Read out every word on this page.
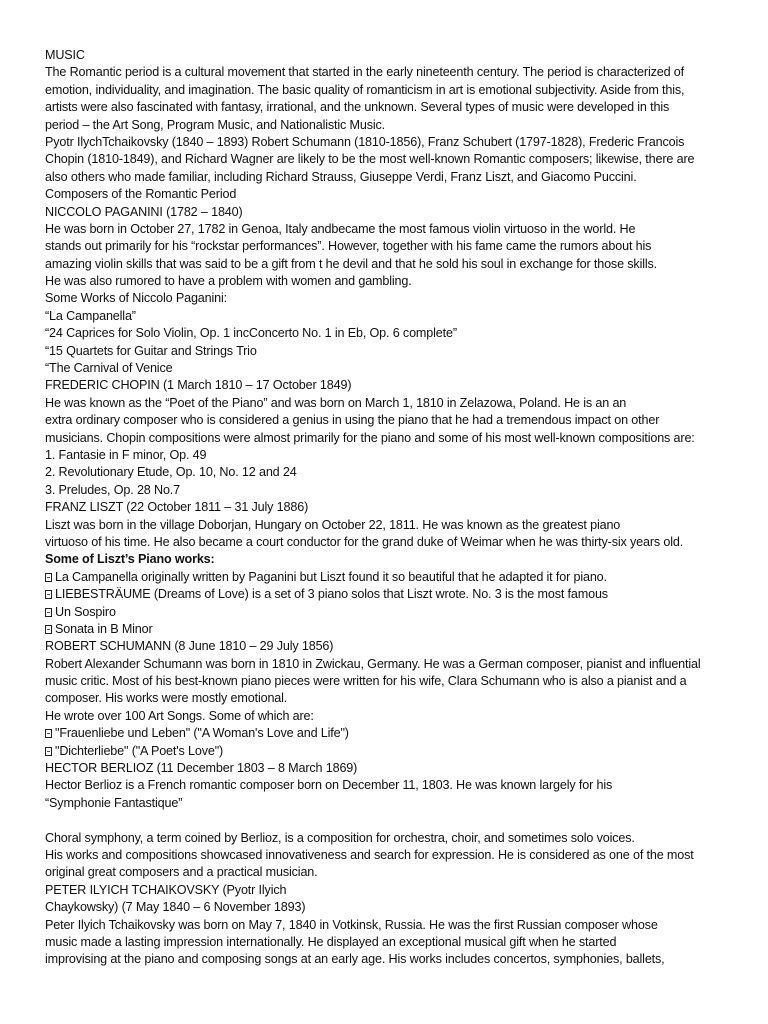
MUSIC
The Romantic period is a cultural movement that started in the early nineteenth century. The period is characterized of
emotion, individuality, and imagination. The basic quality of romanticism in art is emotional subjectivity. Aside from this,
artists were also fascinated with fantasy, irrational, and the unknown. Several types of music were developed in this
period – the Art Song, Program Music, and Nationalistic Music.
Pyotr IlychTchaikovsky (1840 – 1893) Robert Schumann (1810-1856), Franz Schubert (1797-1828), Frederic Francois
Chopin (1810-1849), and Richard Wagner are likely to be the most well-known Romantic composers; likewise, there are
also others who made familiar, including Richard Strauss, Giuseppe Verdi, Franz Liszt, and Giacomo Puccini.
Composers of the Romantic Period
NICCOLO PAGANINI (1782 – 1840)
He was born in October 27, 1782 in Genoa, Italy andbecame the most famous violin virtuoso in the world. He
stands out primarily for his “rockstar performances”. However, together with his fame came the rumors about his
amazing violin skills that was said to be a gift from t he devil and that he sold his soul in exchange for those skills.
He was also rumored to have a problem with women and gambling.
Some Works of Niccolo Paganini:
“La Campanella”
“24 Caprices for Solo Violin, Op. 1 incConcerto No. 1 in Eb, Op. 6 complete”
“15 Quartets for Guitar and Strings Trio
“The Carnival of Venice
FREDERIC CHOPIN (1 March 1810 – 17 October 1849)
He was known as the “Poet of the Piano” and was born on March 1, 1810 in Zelazowa, Poland. He is an an
extra ordinary composer who is considered a genius in using the piano that he had a tremendous impact on other
musicians. Chopin compositions were almost primarily for the piano and some of his most well-known compositions are:
1. Fantasie in F minor, Op. 49
2. Revolutionary Etude, Op. 10, No. 12 and 24
3. Preludes, Op. 28 No.7
FRANZ LISZT (22 October 1811 – 31 July 1886)
Liszt was born in the village Doborjan, Hungary on October 22, 1811. He was known as the greatest piano
virtuoso of his time. He also became a court conductor for the grand duke of Weimar when he was thirty-six years old.
Some of Liszt’s Piano works:
La Campanella originally written by Paganini but Liszt found it so beautiful that he adapted it for piano.
LIEBESTRÄUME (Dreams of Love) is a set of 3 piano solos that Liszt wrote. No. 3 is the most famous
Un Sospiro
Sonata in B Minor
ROBERT SCHUMANN (8 June 1810 – 29 July 1856)
Robert Alexander Schumann was born in 1810 in Zwickau, Germany. He was a German composer, pianist and influential
music critic. Most of his best-known piano pieces were written for his wife, Clara Schumann who is also a pianist and a
composer. His works were mostly emotional.
He wrote over 100 Art Songs. Some of which are:
"Frauenliebe und Leben" ("A Woman's Love and Life")
"Dichterliebe" ("A Poet's Love")
HECTOR BERLIOZ (11 December 1803 – 8 March 1869)
Hector Berlioz is a French romantic composer born on December 11, 1803. He was known largely for his
“Symphonie Fantastique”
Choral symphony, a term coined by Berlioz, is a composition for orchestra, choir, and sometimes solo voices.
His works and compositions showcased innovativeness and search for expression. He is considered as one of the most
original great composers and a practical musician.
PETER ILYICH TCHAIKOVSKY (Pyotr Ilyich
Chaykowsky) (7 May 1840 – 6 November 1893)
Peter Ilyich Tchaikovsky was born on May 7, 1840 in Votkinsk, Russia. He was the first Russian composer whose
music made a lasting impression internationally. He displayed an exceptional musical gift when he started
improvising at the piano and composing songs at an early age. His works includes concertos, symphonies, ballets,
